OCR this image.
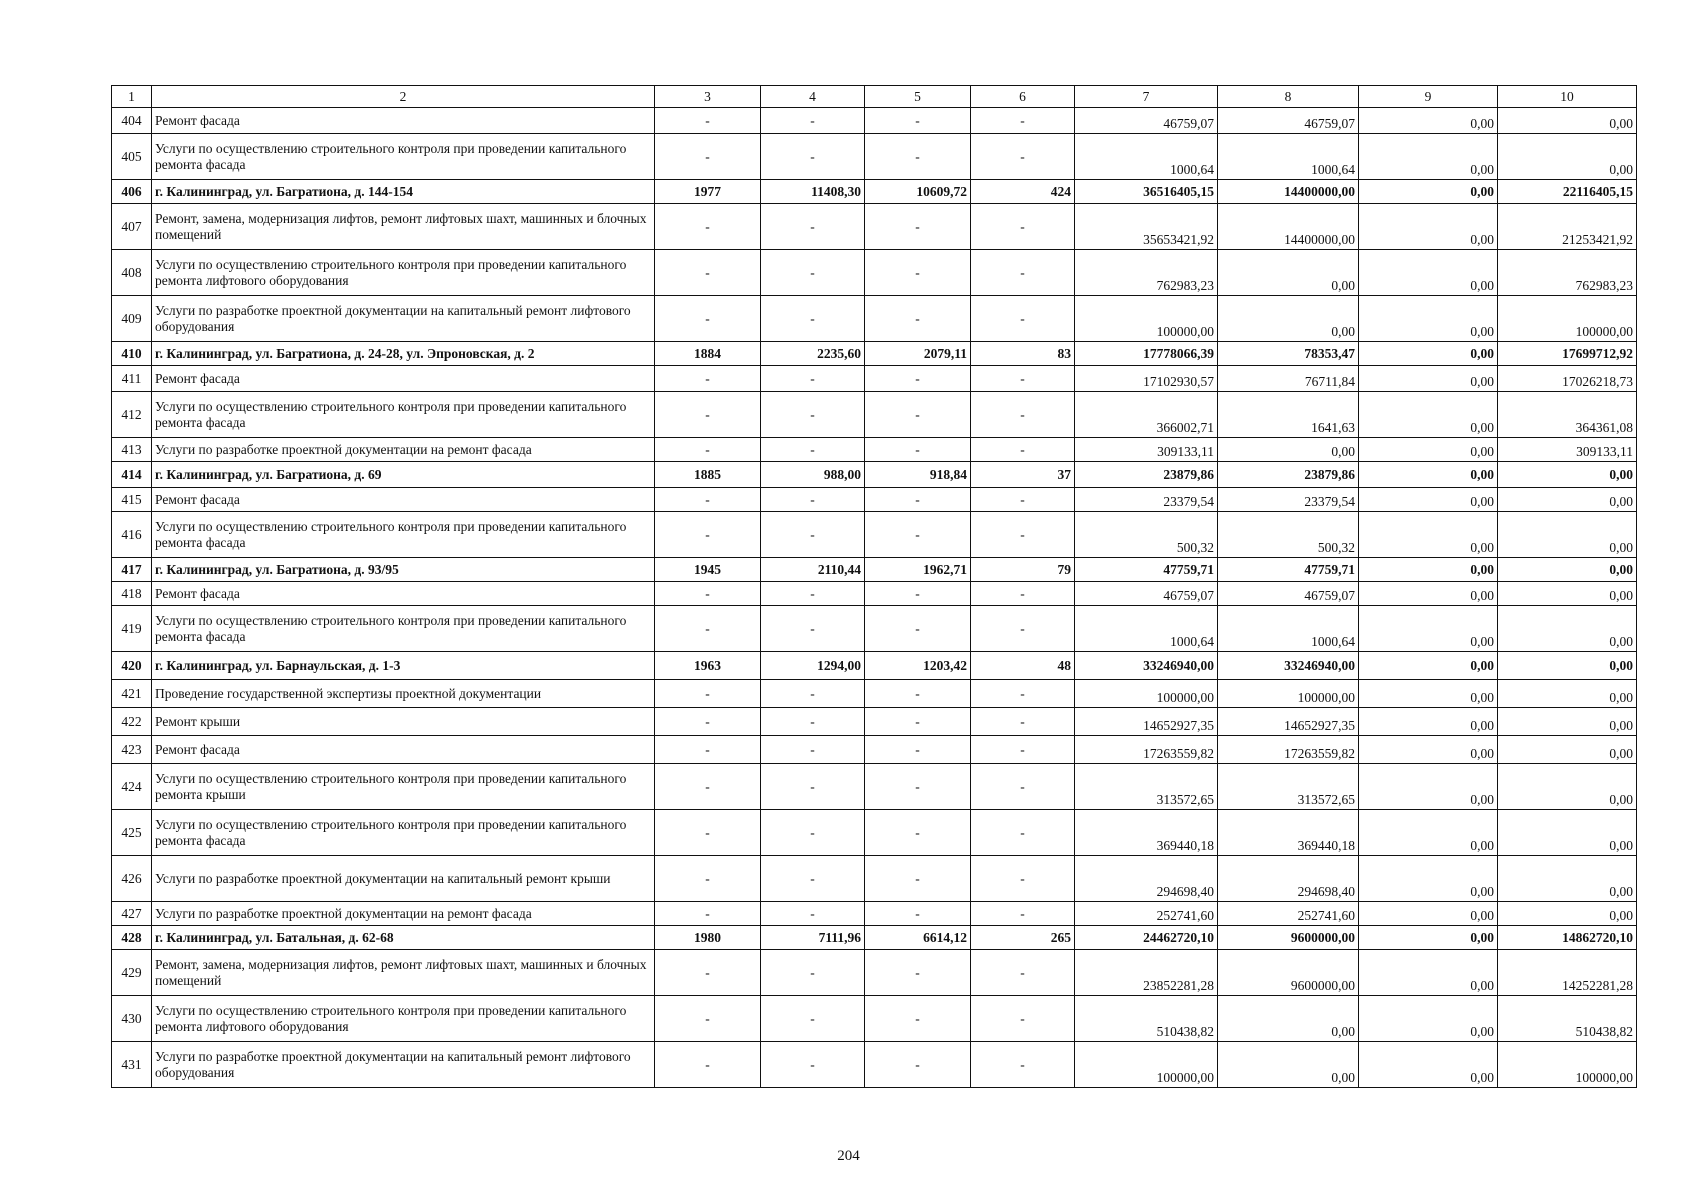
1	2	3	4	5	6	7	8	9	10
404	Ремонт фасада	-	-	-	-	46759,07	46759,07	0,00	0,00
405	Услуги по осуществлению строительного контроля при проведении капитального ремонта фасада	-	-	-	-	1000,64	1000,64	0,00	0,00
406	г. Калининград, ул. Багратиона, д. 144-154	1977	11408,30	10609,72	424	36516405,15	14400000,00	0,00	22116405,15
407	Ремонт, замена, модернизация лифтов, ремонт лифтовых шахт, машинных и блочных помещений	-	-	-	-	35653421,92	14400000,00	0,00	21253421,92
408	Услуги по осуществлению строительного контроля при проведении капитального ремонта лифтового оборудования	-	-	-	-	762983,23	0,00	0,00	762983,23
409	Услуги по разработке проектной документации на капитальный ремонт лифтового оборудования	-	-	-	-	100000,00	0,00	0,00	100000,00
410	г. Калининград, ул. Багратиона, д. 24-28, ул. Эпроновская, д. 2	1884	2235,60	2079,11	83	17778066,39	78353,47	0,00	17699712,92
411	Ремонт фасада	-	-	-	-	17102930,57	76711,84	0,00	17026218,73
412	Услуги по осуществлению строительного контроля при проведении капитального ремонта фасада	-	-	-	-	366002,71	1641,63	0,00	364361,08
413	Услуги по разработке проектной документации на ремонт фасада	-	-	-	-	309133,11	0,00	0,00	309133,11
414	г. Калининград, ул. Багратиона, д. 69	1885	988,00	918,84	37	23879,86	23879,86	0,00	0,00
415	Ремонт фасада	-	-	-	-	23379,54	23379,54	0,00	0,00
416	Услуги по осуществлению строительного контроля при проведении капитального ремонта фасада	-	-	-	-	500,32	500,32	0,00	0,00
417	г. Калининград, ул. Багратиона, д. 93/95	1945	2110,44	1962,71	79	47759,71	47759,71	0,00	0,00
418	Ремонт фасада	-	-	-	-	46759,07	46759,07	0,00	0,00
419	Услуги по осуществлению строительного контроля при проведении капитального ремонта фасада	-	-	-	-	1000,64	1000,64	0,00	0,00
420	г. Калининград, ул. Барнаульская, д. 1-3	1963	1294,00	1203,42	48	33246940,00	33246940,00	0,00	0,00
421	Проведение государственной экспертизы проектной документации	-	-	-	-	100000,00	100000,00	0,00	0,00
422	Ремонт крыши	-	-	-	-	14652927,35	14652927,35	0,00	0,00
423	Ремонт фасада	-	-	-	-	17263559,82	17263559,82	0,00	0,00
424	Услуги по осуществлению строительного контроля при проведении капитального ремонта крыши	-	-	-	-	313572,65	313572,65	0,00	0,00
425	Услуги по осуществлению строительного контроля при проведении капитального ремонта фасада	-	-	-	-	369440,18	369440,18	0,00	0,00
426	Услуги по разработке проектной документации на капитальный ремонт крыши	-	-	-	-	294698,40	294698,40	0,00	0,00
427	Услуги по разработке проектной документации на ремонт фасада	-	-	-	-	252741,60	252741,60	0,00	0,00
428	г. Калининград, ул. Батальная, д. 62-68	1980	7111,96	6614,12	265	24462720,10	9600000,00	0,00	14862720,10
429	Ремонт, замена, модернизация лифтов, ремонт лифтовых шахт, машинных и блочных помещений	-	-	-	-	23852281,28	9600000,00	0,00	14252281,28
430	Услуги по осуществлению строительного контроля при проведении капитального ремонта лифтового оборудования	-	-	-	-	510438,82	0,00	0,00	510438,82
431	Услуги по разработке проектной документации на капитальный ремонт лифтового оборудования	-	-	-	-	100000,00	0,00	0,00	100000,00
204
